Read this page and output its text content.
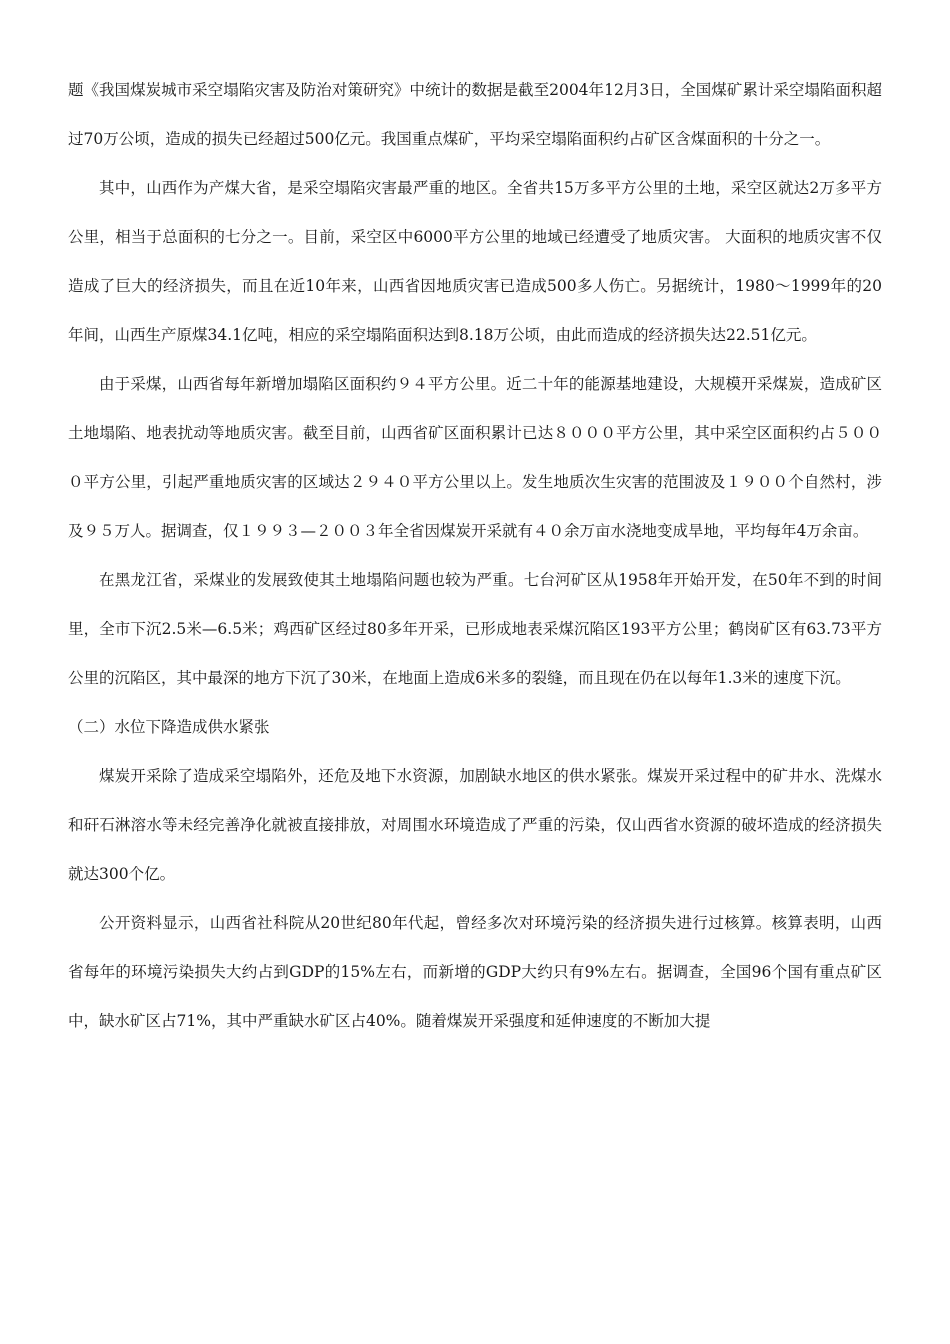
题《我国煤炭城市采空塌陷灾害及防治对策研究》中统计的数据是截至2004年12月3日，全国煤矿累计采空塌陷面积超过70万公顷，造成的损失已经超过500亿元。我国重点煤矿，平均采空塌陷面积约占矿区含煤面积的十分之一。

其中，山西作为产煤大省，是采空塌陷灾害最严重的地区。全省共15万多平方公里的土地，采空区就达2万多平方公里，相当于总面积的七分之一。目前，采空区中6000平方公里的地域已经遭受了地质灾害。 大面积的地质灾害不仅造成了巨大的经济损失，而且在近10年来，山西省因地质灾害已造成500多人伤亡。另据统计，1980～1999年的20年间，山西生产原煤34.1亿吨，相应的采空塌陷面积达到8.18万公顷，由此而造成的经济损失达22.51亿元。

由于采煤，山西省每年新增加塌陷区面积约９４平方公里。近二十年的能源基地建设，大规模开采煤炭，造成矿区土地塌陷、地表扰动等地质灾害。截至目前，山西省矿区面积累计已达８０００平方公里，其中采空区面积约占５０００平方公里，引起严重地质灾害的区域达２９４０平方公里以上。发生地质次生灾害的范围波及１９００个自然村，涉及９５万人。据调查，仅１９９３—２００３年全省因煤炭开采就有４０余万亩水浇地变成旱地，平均每年4万余亩。

在黑龙江省，采煤业的发展致使其土地塌陷问题也较为严重。七台河矿区从1958年开始开发，在50年不到的时间里，全市下沉2.5米—6.5米；鸡西矿区经过80多年开采，已形成地表采煤沉陷区193平方公里；鹤岗矿区有63.73平方公里的沉陷区，其中最深的地方下沉了30米，在地面上造成6米多的裂缝，而且现在仍在以每年1.3米的速度下沉。

（二）水位下降造成供水紧张

煤炭开采除了造成采空塌陷外，还危及地下水资源，加剧缺水地区的供水紧张。煤炭开采过程中的矿井水、洗煤水和矸石淋溶水等未经完善净化就被直接排放，对周围水环境造成了严重的污染，仅山西省水资源的破坏造成的经济损失就达300个亿。

公开资料显示，山西省社科院从20世纪80年代起，曾经多次对环境污染的经济损失进行过核算。核算表明，山西省每年的环境污染损失大约占到GDP的15%左右，而新增的GDP大约只有9%左右。据调查，全国96个国有重点矿区中，缺水矿区占71%，其中严重缺水矿区占40%。随着煤炭开采强度和延伸速度的不断加大提
